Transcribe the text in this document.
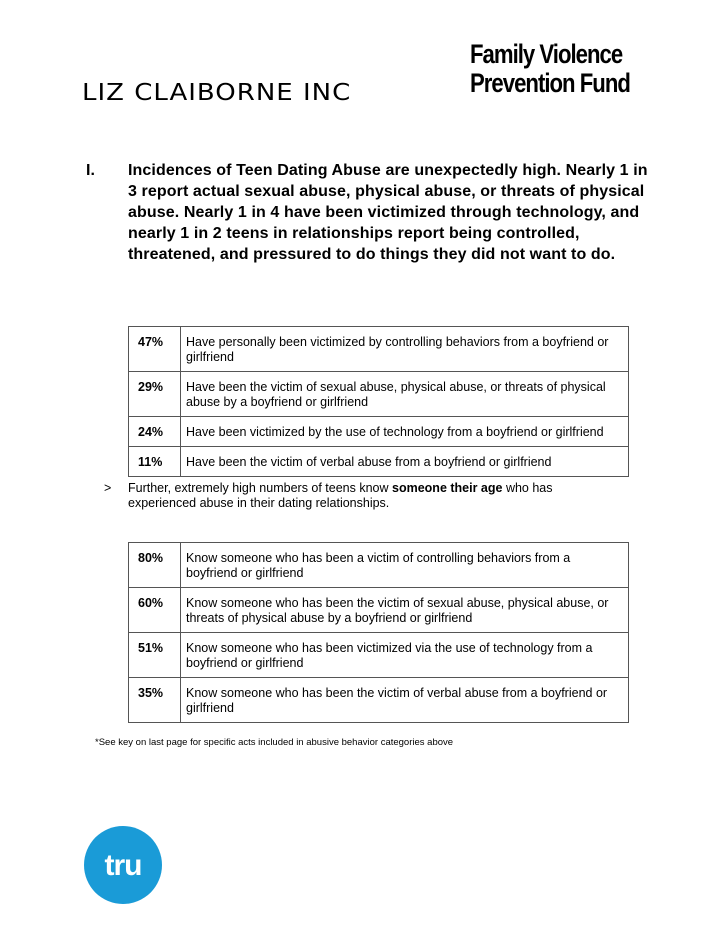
LIZ CLAIBORNE INC
Family Violence
Prevention Fund
I. Incidences of Teen Dating Abuse are unexpectedly high. Nearly 1 in 3 report actual sexual abuse, physical abuse, or threats of physical abuse. Nearly 1 in 4 have been victimized through technology, and nearly 1 in 2 teens in relationships report being controlled, threatened, and pressured to do things they did not want to do.
47%	Have personally been victimized by controlling behaviors from a boyfriend or girlfriend
29%	Have been the victim of sexual abuse, physical abuse, or threats of physical abuse by a boyfriend or girlfriend
24%	Have been victimized by the use of technology from a boyfriend or girlfriend
11%	Have been the victim of verbal abuse from a boyfriend or girlfriend
> Further, extremely high numbers of teens know someone their age who has experienced abuse in their dating relationships.
80%	Know someone who has been a victim of controlling behaviors from a boyfriend or girlfriend
60%	Know someone who has been the victim of sexual abuse, physical abuse, or threats of physical abuse by a boyfriend or girlfriend
51%	Know someone who has been victimized via the use of technology from a boyfriend or girlfriend
35%	Know someone who has been the victim of verbal abuse from a boyfriend or girlfriend
*See key on last page for specific acts included in abusive behavior categories above
tru
